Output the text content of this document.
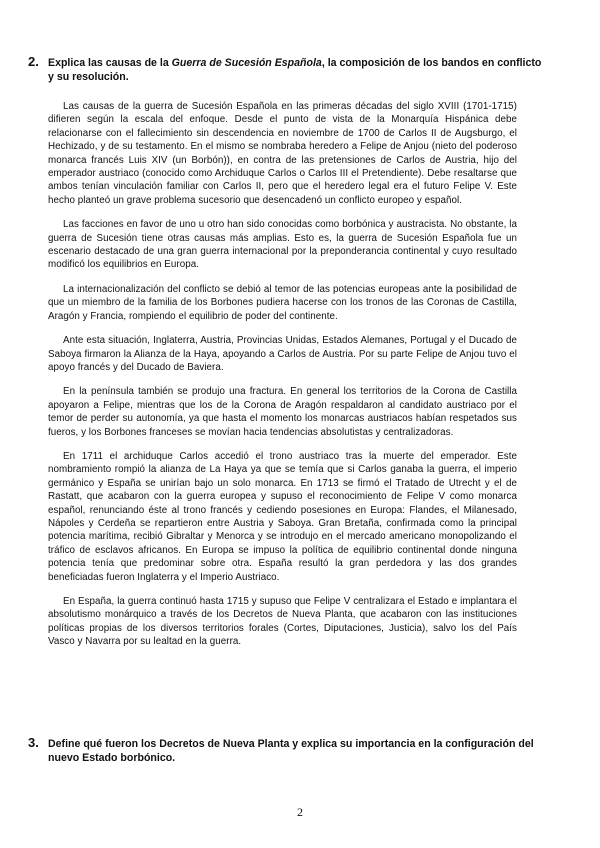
2. Explica las causas de la Guerra de Sucesión Española, la composición de los bandos en conflicto y su resolución.

Las causas de la guerra de Sucesión Española en las primeras décadas del siglo XVIII (1701-1715) difieren según la escala del enfoque. Desde el punto de vista de la Monarquía Hispánica debe relacionarse con el fallecimiento sin descendencia en noviembre de 1700 de Carlos II de Augsburgo, el Hechizado, y de su testamento. En el mismo se nombraba heredero a Felipe de Anjou (nieto del poderoso monarca francés Luis XIV (un Borbón)), en contra de las pretensiones de Carlos de Austria, hijo del emperador austriaco (conocido como Archiduque Carlos o Carlos III el Pretendiente). Debe resaltarse que ambos tenían vinculación familiar con Carlos II, pero que el heredero legal era el futuro Felipe V. Este hecho planteó un grave problema sucesorio que desencadenó un conflicto europeo y español.

Las facciones en favor de uno u otro han sido conocidas como borbónica y austracista. No obstante, la guerra de Sucesión tiene otras causas más amplias. Esto es, la guerra de Sucesión Española fue un escenario destacado de una gran guerra internacional por la preponderancia continental y cuyo resultado modificó los equilibrios en Europa.

La internacionalización del conflicto se debió al temor de las potencias europeas ante la posibilidad de que un miembro de la familia de los Borbones pudiera hacerse con los tronos de las Coronas de Castilla, Aragón y Francia, rompiendo el equilibrio de poder del continente.

Ante esta situación, Inglaterra, Austria, Provincias Unidas, Estados Alemanes, Portugal y el Ducado de Saboya firmaron la Alianza de la Haya, apoyando a Carlos de Austria. Por su parte Felipe de Anjou tuvo el apoyo francés y del Ducado de Baviera.

En la península también se produjo una fractura. En general los territorios de la Corona de Castilla apoyaron a Felipe, mientras que los de la Corona de Aragón respaldaron al candidato austriaco por el temor de perder su autonomía, ya que hasta el momento los monarcas austriacos habían respetados sus fueros, y los Borbones franceses se movían hacia tendencias absolutistas y centralizadoras.

En 1711 el archiduque Carlos accedió el trono austriaco tras la muerte del emperador. Este nombramiento rompió la alianza de La Haya ya que se temía que si Carlos ganaba la guerra, el imperio germánico y España se unirían bajo un solo monarca. En 1713 se firmó el Tratado de Utrecht y el de Rastatt, que acabaron con la guerra europea y supuso el reconocimiento de Felipe V como monarca español, renunciando éste al trono francés y cediendo posesiones en Europa: Flandes, el Milanesado, Nápoles y Cerdeña se repartieron entre Austria y Saboya. Gran Bretaña, confirmada como la principal potencia marítima, recibió Gibraltar y Menorca y se introdujo en el mercado americano monopolizando el tráfico de esclavos africanos. En Europa se impuso la política de equilibrio continental donde ninguna potencia tenía que predominar sobre otra. España resultó la gran perdedora y las dos grandes beneficiadas fueron Inglaterra y el Imperio Austriaco.

En España, la guerra continuó hasta 1715 y supuso que Felipe V centralizara el Estado e implantara el absolutismo monárquico a través de los Decretos de Nueva Planta, que acabaron con las instituciones políticas propias de los diversos territorios forales (Cortes, Diputaciones, Justicia), salvo los del País Vasco y Navarra por su lealtad en la guerra.

3. Define qué fueron los Decretos de Nueva Planta y explica su importancia en la configuración del nuevo Estado borbónico.
2
